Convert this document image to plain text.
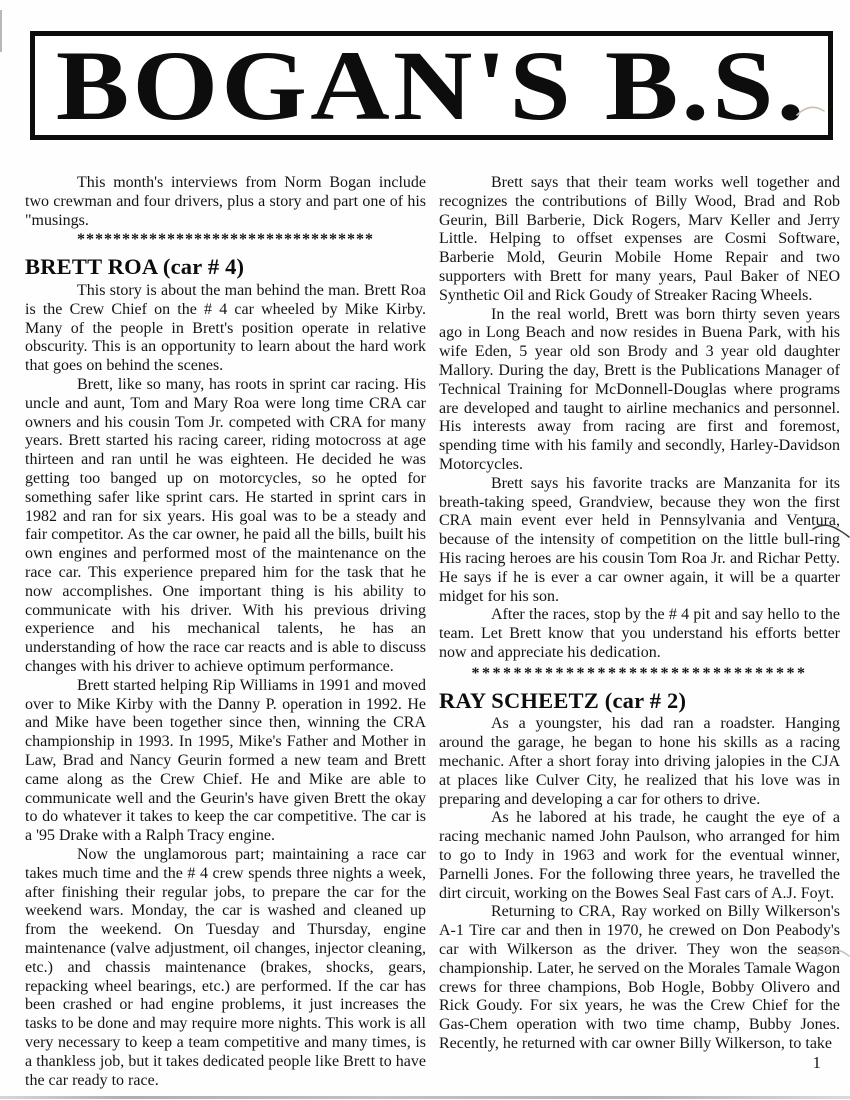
BOGAN'S B.S.

This month's interviews from Norm Bogan include two crewman and four drivers, plus a story and part one of his "musings.

*********************************
BRETT ROA (car # 4)

This story is about the man behind the man. Brett Roa is the Crew Chief on the # 4 car wheeled by Mike Kirby. Many of the people in Brett's position operate in relative obscurity. This is an opportunity to learn about the hard work that goes on behind the scenes.

Brett, like so many, has roots in sprint car racing. His uncle and aunt, Tom and Mary Roa were long time CRA car owners and his cousin Tom Jr. competed with CRA for many years. Brett started his racing career, riding motocross at age thirteen and ran until he was eighteen. He decided he was getting too banged up on motorcycles, so he opted for something safer like sprint cars. He started in sprint cars in 1982 and ran for six years. His goal was to be a steady and fair competitor. As the car owner, he paid all the bills, built his own engines and performed most of the maintenance on the race car. This experience prepared him for the task that he now accomplishes. One important thing is his ability to communicate with his driver. With his previous driving experience and his mechanical talents, he has an understanding of how the race car reacts and is able to discuss changes with his driver to achieve optimum performance.

Brett started helping Rip Williams in 1991 and moved over to Mike Kirby with the Danny P. operation in 1992. He and Mike have been together since then, winning the CRA championship in 1993. In 1995, Mike's Father and Mother in Law, Brad and Nancy Geurin formed a new team and Brett came along as the Crew Chief. He and Mike are able to communicate well and the Geurin's have given Brett the okay to do whatever it takes to keep the car competitive. The car is a '95 Drake with a Ralph Tracy engine.

Now the unglamorous part; maintaining a race car takes much time and the # 4 crew spends three nights a week, after finishing their regular jobs, to prepare the car for the weekend wars. Monday, the car is washed and cleaned up from the weekend. On Tuesday and Thursday, engine maintenance (valve adjustment, oil changes, injector cleaning, etc.) and chassis maintenance (brakes, shocks, gears, repacking wheel bearings, etc.) are performed. If the car has been crashed or had engine problems, it just increases the tasks to be done and may require more nights. This work is all very necessary to keep a team competitive and many times, is a thankless job, but it takes dedicated people like Brett to have the car ready to race.

Brett says that their team works well together and recognizes the contributions of Billy Wood, Brad and Rob Geurin, Bill Barberie, Dick Rogers, Marv Keller and Jerry Little. Helping to offset expenses are Cosmi Software, Barberie Mold, Geurin Mobile Home Repair and two supporters with Brett for many years, Paul Baker of NEO Synthetic Oil and Rick Goudy of Streaker Racing Wheels.

In the real world, Brett was born thirty seven years ago in Long Beach and now resides in Buena Park, with his wife Eden, 5 year old son Brody and 3 year old daughter Mallory. During the day, Brett is the Publications Manager of Technical Training for McDonnell-Douglas where programs are developed and taught to airline mechanics and personnel. His interests away from racing are first and foremost, spending time with his family and secondly, Harley-Davidson Motorcycles.

Brett says his favorite tracks are Manzanita for its breath-taking speed, Grandview, because they won the first CRA main event ever held in Pennsylvania and Ventura, because of the intensity of competition on the little bull-ring His racing heroes are his cousin Tom Roa Jr. and Richar Petty. He says if he is ever a car owner again, it will be a quarter midget for his son.

After the races, stop by the # 4 pit and say hello to the team. Let Brett know that you understand his efforts better now and appreciate his dedication.

********************************
RAY SCHEETZ (car # 2)

As a youngster, his dad ran a roadster. Hanging around the garage, he began to hone his skills as a racing mechanic. After a short foray into driving jalopies in the CJA at places like Culver City, he realized that his love was in preparing and developing a car for others to drive.

As he labored at his trade, he caught the eye of a racing mechanic named John Paulson, who arranged for him to go to Indy in 1963 and work for the eventual winner, Parnelli Jones. For the following three years, he travelled the dirt circuit, working on the Bowes Seal Fast cars of A.J. Foyt.

Returning to CRA, Ray worked on Billy Wilkerson's A-1 Tire car and then in 1970, he crewed on Don Peabody's car with Wilkerson as the driver. They won the season championship. Later, he served on the Morales Tamale Wagon crews for three champions, Bob Hogle, Bobby Olivero and Rick Goudy. For six years, he was the Crew Chief for the Gas-Chem operation with two time champ, Bubby Jones. Recently, he returned with car owner Billy Wilkerson, to take

1
